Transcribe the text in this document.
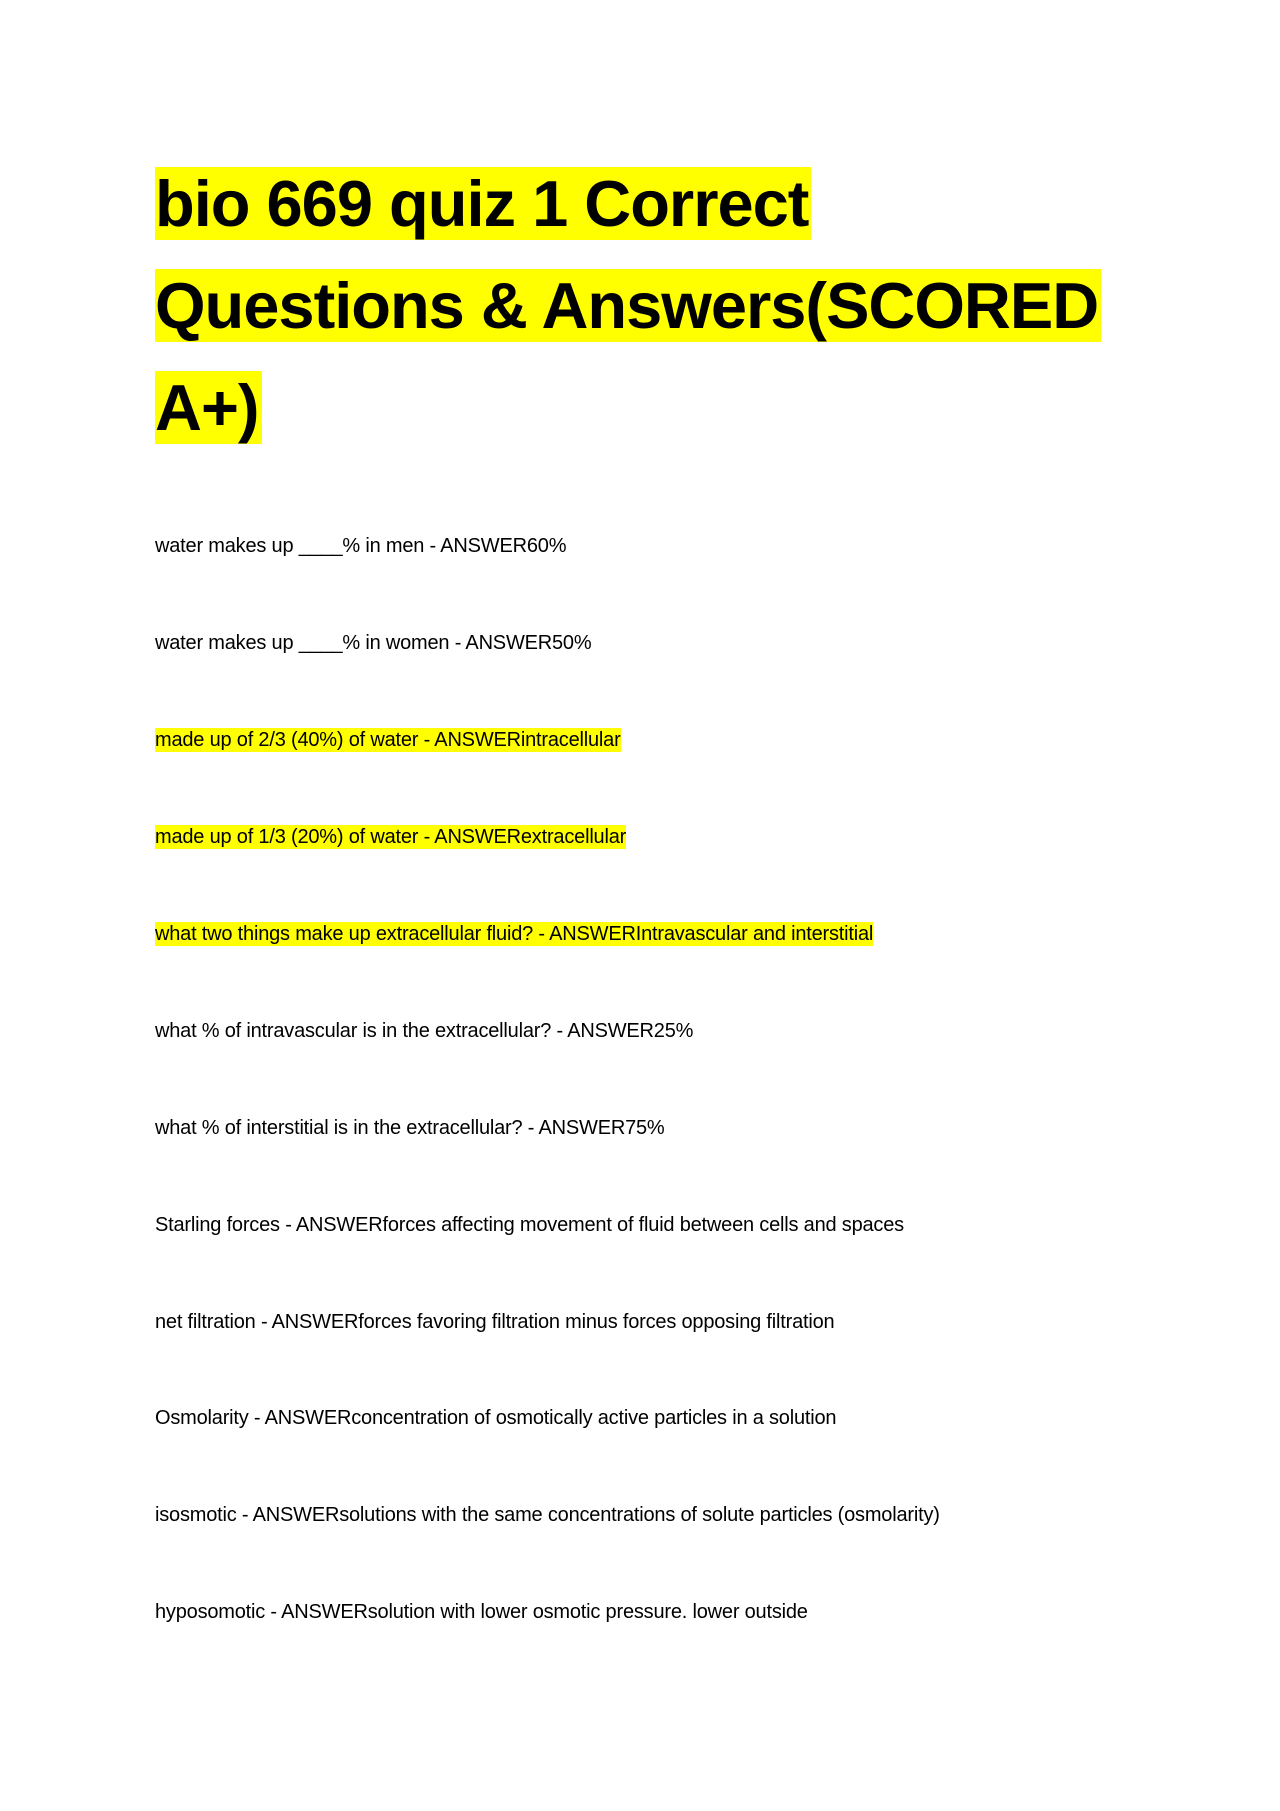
bio 669 quiz 1 Correct
Questions & Answers(SCORED
A+)
water makes up ____% in men - ANSWER60%
water makes up ____% in women - ANSWER50%
made up of 2/3 (40%) of water - ANSWERintracellular
made up of 1/3 (20%) of water - ANSWERextracellular
what two things make up extracellular fluid? - ANSWERIntravascular and interstitial
what % of intravascular is in the extracellular? - ANSWER25%
what % of interstitial is in the extracellular? - ANSWER75%
Starling forces - ANSWERforces affecting movement of fluid between cells and spaces
net filtration - ANSWERforces favoring filtration minus forces opposing filtration
Osmolarity - ANSWERconcentration of osmotically active particles in a solution
isosmotic - ANSWERsolutions with the same concentrations of solute particles (osmolarity)
hyposomotic - ANSWERsolution with lower osmotic pressure. lower outside
